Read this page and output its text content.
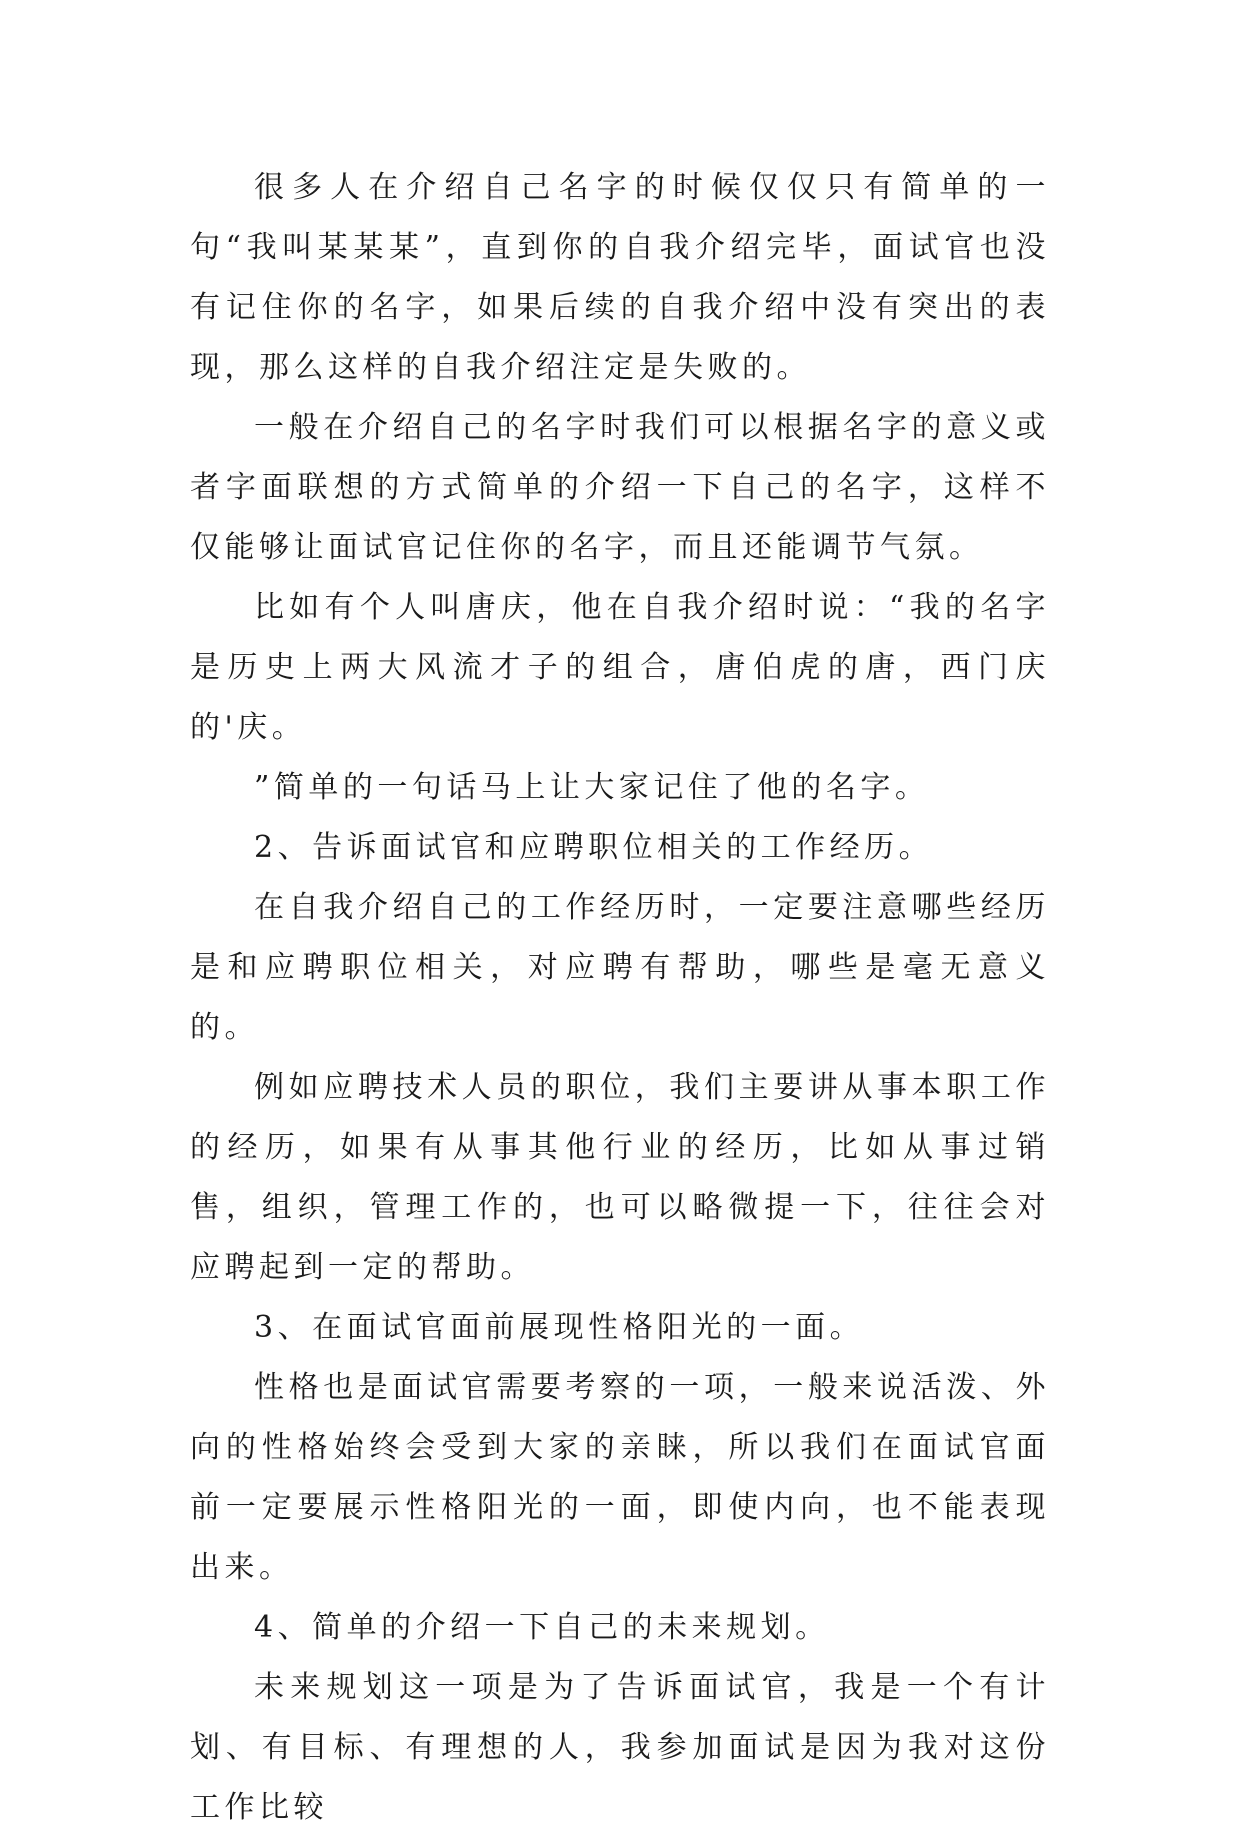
很多人在介绍自己名字的时候仅仅只有简单的一句“我叫某某某”，直到你的自我介绍完毕，面试官也没有记住你的名字，如果后续的自我介绍中没有突出的表现，那么这样的自我介绍注定是失败的。

一般在介绍自己的名字时我们可以根据名字的意义或者字面联想的方式简单的介绍一下自己的名字，这样不仅能够让面试官记住你的名字，而且还能调节气氛。

比如有个人叫唐庆，他在自我介绍时说：“我的名字是历史上两大风流才子的组合，唐伯虎的唐，西门庆的'庆。

”简单的一句话马上让大家记住了他的名字。

2、告诉面试官和应聘职位相关的工作经历。

在自我介绍自己的工作经历时，一定要注意哪些经历是和应聘职位相关，对应聘有帮助，哪些是毫无意义的。

例如应聘技术人员的职位，我们主要讲从事本职工作的经历，如果有从事其他行业的经历，比如从事过销售，组织，管理工作的，也可以略微提一下，往往会对应聘起到一定的帮助。

3、在面试官面前展现性格阳光的一面。

性格也是面试官需要考察的一项，一般来说活泼、外向的性格始终会受到大家的亲睐，所以我们在面试官面前一定要展示性格阳光的一面，即使内向，也不能表现出来。

4、简单的介绍一下自己的未来规划。

未来规划这一项是为了告诉面试官，我是一个有计划、有目标、有理想的人，我参加面试是因为我对这份工作比较
